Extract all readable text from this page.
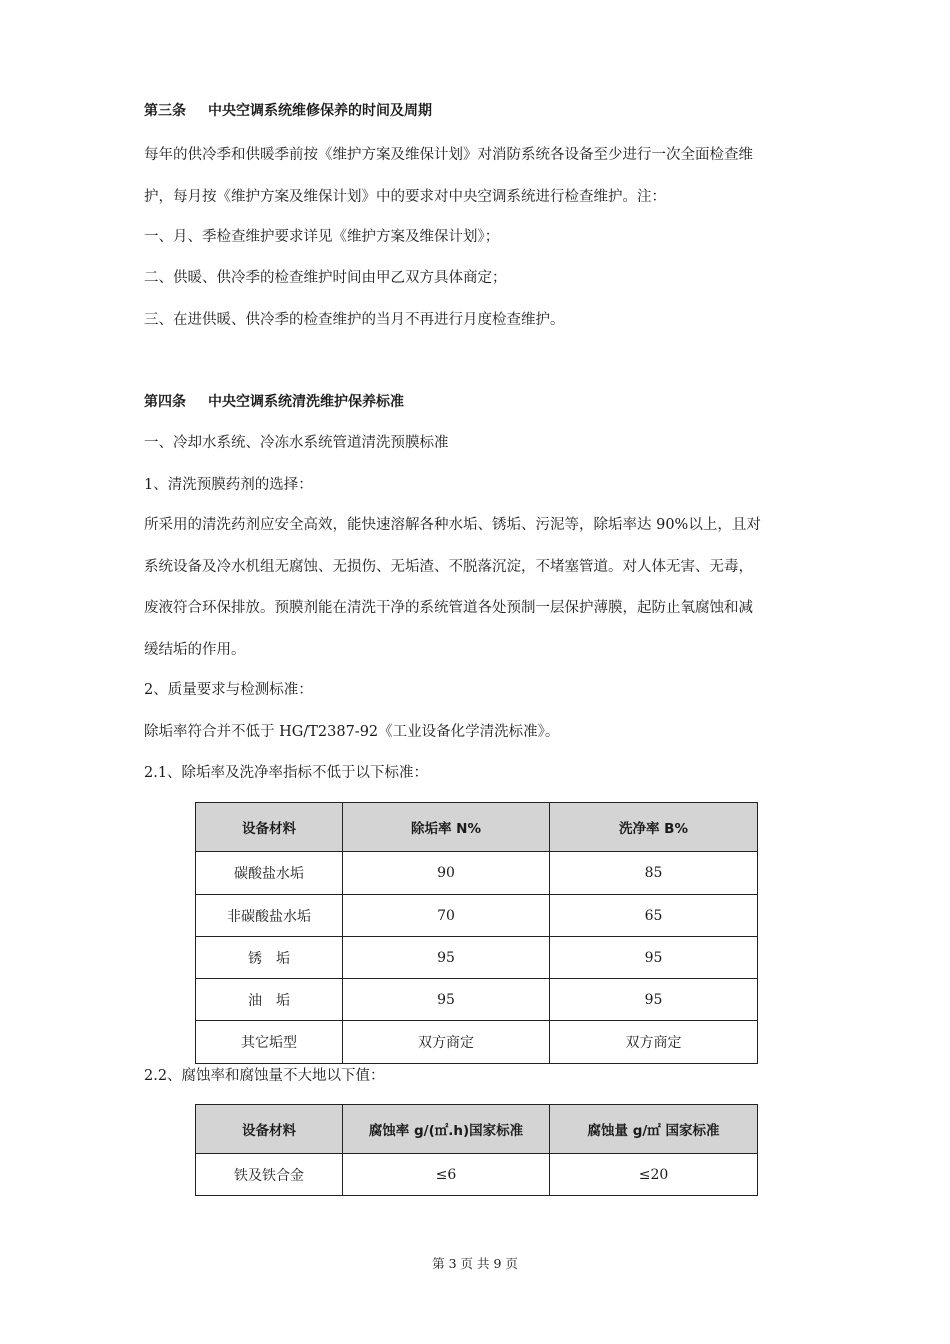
第三条 中央空调系统维修保养的时间及周期
每年的供冷季和供暖季前按《维护方案及维保计划》对消防系统各设备至少进行一次全面检查维
护，每月按《维护方案及维保计划》中的要求对中央空调系统进行检查维护。注：
一、月、季检查维护要求详见《维护方案及维保计划》；
二、供暖、供冷季的检查维护时间由甲乙双方具体商定；
三、在进供暖、供冷季的检查维护的当月不再进行月度检查维护。
第四条 中央空调系统清洗维护保养标准
一、冷却水系统、冷冻水系统管道清洗预膜标准
1、清洗预膜药剂的选择：
所采用的清洗药剂应安全高效，能快速溶解各种水垢、锈垢、污泥等，除垢率达 90%以上，且对
系统设备及冷水机组无腐蚀、无损伤、无垢渣、不脱落沉淀，不堵塞管道。对人体无害、无毒，
废液符合环保排放。预膜剂能在清洗干净的系统管道各处预制一层保护薄膜，起防止氧腐蚀和减
缓结垢的作用。
2、质量要求与检测标准：
除垢率符合并不低于 HG/T2387-92《工业设备化学清洗标准》。
2.1、除垢率及洗净率指标不低于以下标准：
设备材料	除垢率 N%	洗净率 B%
碳酸盐水垢	90	85
非碳酸盐水垢	70	65
锈　垢	95	95
油　垢	95	95
其它垢型	双方商定	双方商定
2.2、腐蚀率和腐蚀量不大地以下值：
设备材料	腐蚀率 g/(㎡.h)国家标准	腐蚀量 g/㎡ 国家标准
铁及铁合金	≤6	≤20
第 3 页 共 9 页
